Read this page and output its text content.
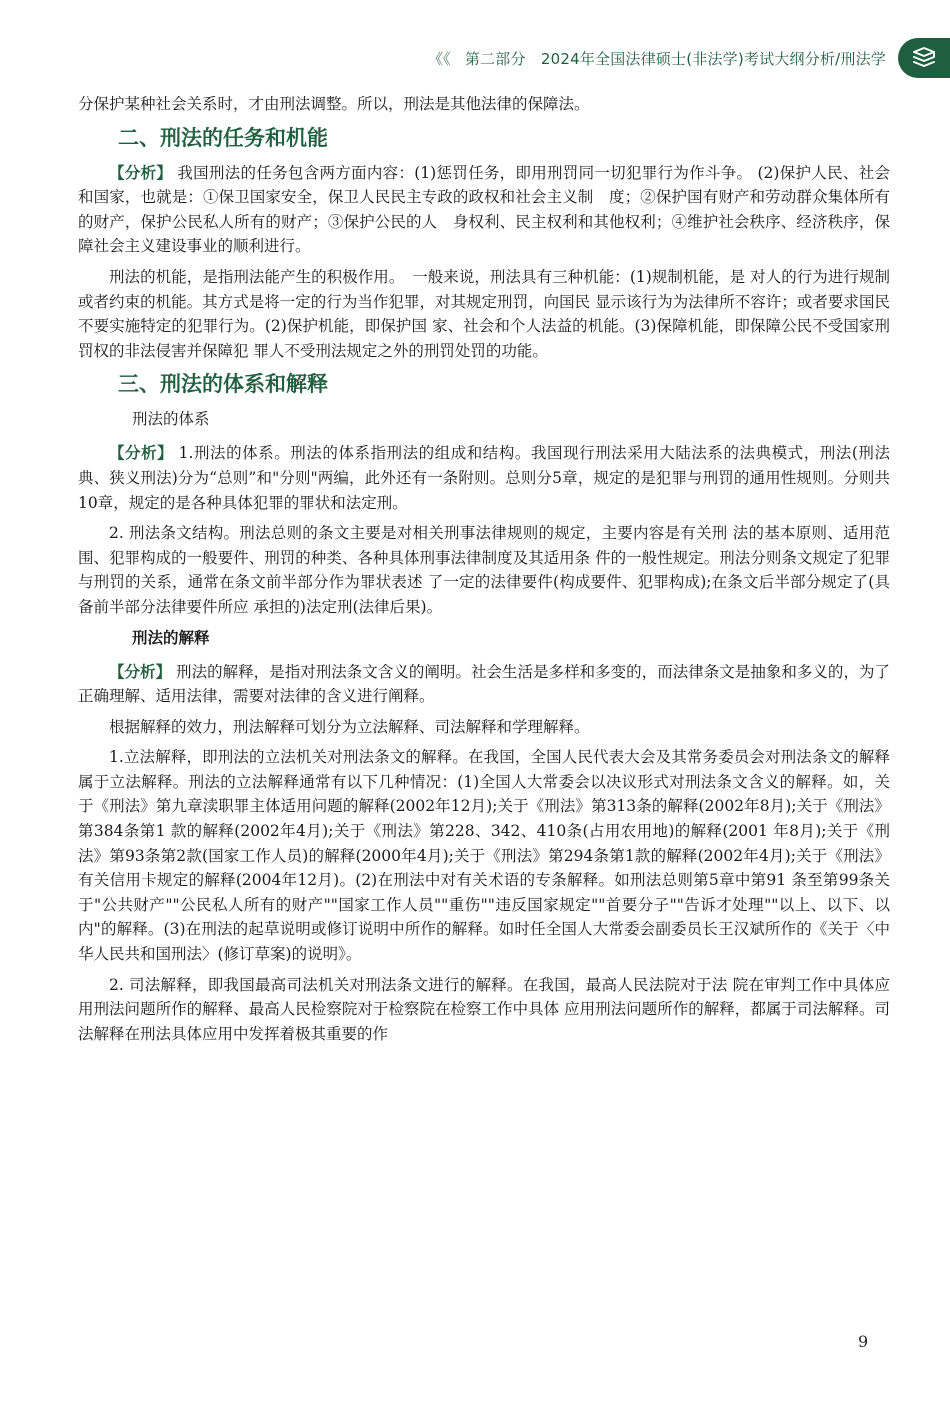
《《 第二部分　2024年全国法律硕士(非法学)考试大纲分析/刑法学

分保护某种社会关系时，才由刑法调整。所以，刑法是其他法律的保障法。

二、刑法的任务和机能

【分析】 我国刑法的任务包含两方面内容：(1)惩罚任务，即用刑罚同一切犯罪行为作斗争。 (2)保护人民、社会和国家，也就是：①保卫国家安全，保卫人民民主专政的政权和社会主义制　度；②保护国有财产和劳动群众集体所有的财产，保护公民私人所有的财产；③保护公民的人　身权利、民主权利和其他权利；④维护社会秩序、经济秩序，保障社会主义建设事业的顺利进行。

刑法的机能，是指刑法能产生的积极作用。　一般来说，刑法具有三种机能：(1)规制机能，是 对人的行为进行规制或者约束的机能。其方式是将一定的行为当作犯罪，对其规定刑罚，向国民 显示该行为为法律所不容许；或者要求国民不要实施特定的犯罪行为。(2)保护机能，即保护国 家、社会和个人法益的机能。(3)保障机能，即保障公民不受国家刑罚权的非法侵害并保障犯 罪人不受刑法规定之外的刑罚处罚的功能。

三、刑法的体系和解释
刑法的体系

【分析】 1.刑法的体系。刑法的体系指刑法的组成和结构。我国现行刑法采用大陆法系的法典模式，刑法(刑法典、狭义刑法)分为“总则”和"分则"两编，此外还有一条附则。总则分5章，规定的是犯罪与刑罚的通用性规则。分则共10章，规定的是各种具体犯罪的罪状和法定刑。

2. 刑法条文结构。刑法总则的条文主要是对相关刑事法律规则的规定，主要内容是有关刑 法的基本原则、适用范围、犯罪构成的一般要件、刑罚的种类、各种具体刑事法律制度及其适用条 件的一般性规定。刑法分则条文规定了犯罪与刑罚的关系，通常在条文前半部分作为罪状表述 了一定的法律要件(构成要件、犯罪构成);在条文后半部分规定了(具备前半部分法律要件所应 承担的)法定刑(法律后果)。

刑法的解释

【分析】 刑法的解释，是指对刑法条文含义的阐明。社会生活是多样和多变的，而法律条文是抽象和多义的，为了正确理解、适用法律，需要对法律的含义进行阐释。

根据解释的效力，刑法解释可划分为立法解释、司法解释和学理解释。

1.立法解释，即刑法的立法机关对刑法条文的解释。在我国，全国人民代表大会及其常务委员会对刑法条文的解释属于立法解释。刑法的立法解释通常有以下几种情况：(1)全国人大常委会以决议形式对刑法条文含义的解释。如，关于《刑法》第九章渎职罪主体适用问题的解释(2002年12月);关于《刑法》第313条的解释(2002年8月);关于《刑法》第384条第1 款的解释(2002年4月);关于《刑法》第228、342、410条(占用农用地)的解释(2001 年8月);关于《刑法》第93条第2款(国家工作人员)的解释(2000年4月);关于《刑法》第294条第1款的解释(2002年4月);关于《刑法》有关信用卡规定的解释(2004年12月)。(2)在刑法中对有关术语的专条解释。如刑法总则第5章中第91 条至第99条关于"公共财产""公民私人所有的财产""国家工作人员""重伤""违反国家规定""首要分子""告诉才处理""以上、以下、以内"的解释。(3)在刑法的起草说明或修订说明中所作的解释。如时任全国人大常委会副委员长王汉斌所作的《关于〈中华人民共和国刑法〉(修订草案)的说明》。

2. 司法解释，即我国最高司法机关对刑法条文进行的解释。在我国，最高人民法院对于法 院在审判工作中具体应用刑法问题所作的解释、最高人民检察院对于检察院在检察工作中具体 应用刑法问题所作的解释，都属于司法解释。司法解释在刑法具体应用中发挥着极其重要的作

9
